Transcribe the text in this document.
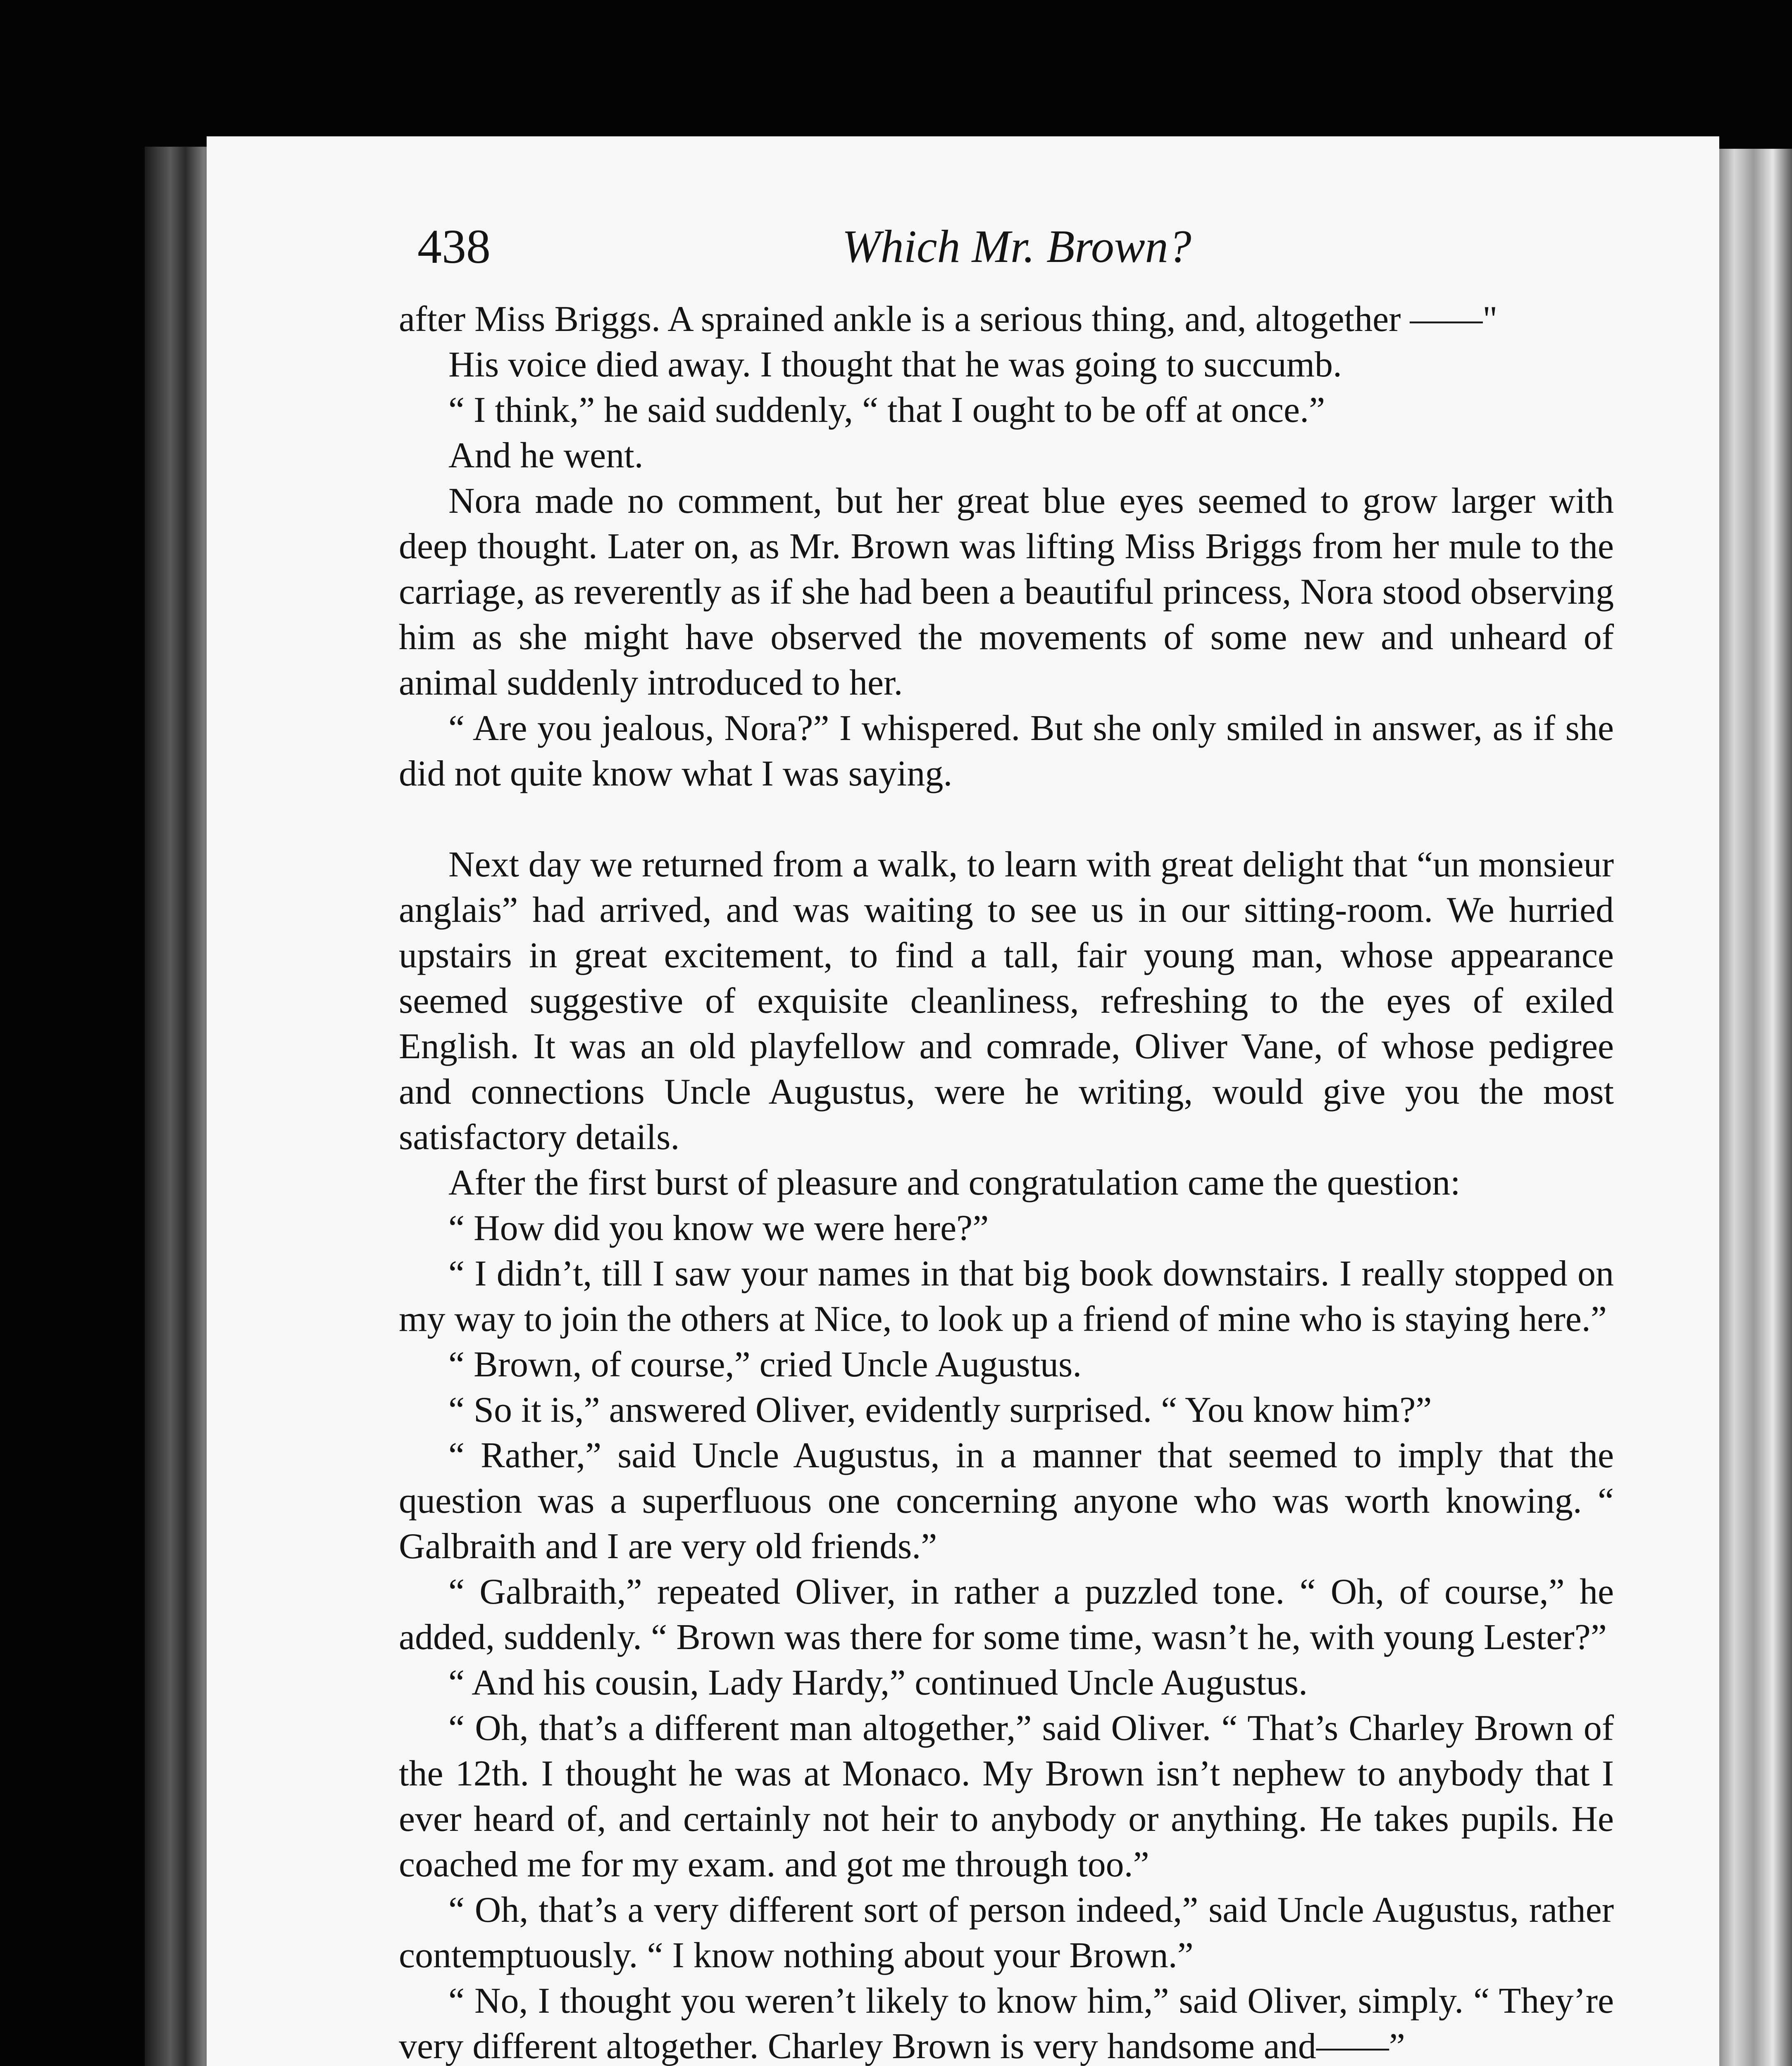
438	Which Mr. Brown?

after Miss Briggs. A sprained ankle is a serious thing, and, altogether ——"

His voice died away. I thought that he was going to succumb.

“ I think,” he said suddenly, “ that I ought to be off at once.”

And he went.

Nora made no comment, but her great blue eyes seemed to grow larger with deep thought. Later on, as Mr. Brown was lifting Miss Briggs from her mule to the carriage, as reverently as if she had been a beautiful princess, Nora stood observing him as she might have observed the movements of some new and unheard of animal suddenly introduced to her.

“ Are you jealous, Nora?” I whispered. But she only smiled in answer, as if she did not quite know what I was saying.

Next day we returned from a walk, to learn with great delight that “un monsieur anglais” had arrived, and was waiting to see us in our sitting-room. We hurried upstairs in great excitement, to find a tall, fair young man, whose appearance seemed suggestive of exquisite cleanliness, refreshing to the eyes of exiled English. It was an old playfellow and comrade, Oliver Vane, of whose pedigree and connections Uncle Augustus, were he writing, would give you the most satisfactory details.

After the first burst of pleasure and congratulation came the question:

“ How did you know we were here?”

“ I didn’t, till I saw your names in that big book downstairs. I really stopped on my way to join the others at Nice, to look up a friend of mine who is staying here.”

“ Brown, of course,” cried Uncle Augustus.

“ So it is,” answered Oliver, evidently surprised. “ You know him?”

“ Rather,” said Uncle Augustus, in a manner that seemed to imply that the question was a superfluous one concerning anyone who was worth knowing. “ Galbraith and I are very old friends.”

“ Galbraith,” repeated Oliver, in rather a puzzled tone. “ Oh, of course,” he added, suddenly. “ Brown was there for some time, wasn’t he, with young Lester?”

“ And his cousin, Lady Hardy,” continued Uncle Augustus.

“ Oh, that’s a different man altogether,” said Oliver. “ That’s Charley Brown of the 12th. I thought he was at Monaco. My Brown isn’t nephew to anybody that I ever heard of, and certainly not heir to anybody or anything. He takes pupils. He coached me for my exam. and got me through too.”

“ Oh, that’s a very different sort of person indeed,” said Uncle Augustus, rather contemptuously. “ I know nothing about your Brown.”

“ No, I thought you weren’t likely to know him,” said Oliver, simply. “ They’re very different altogether. Charley Brown is very handsome and——”
